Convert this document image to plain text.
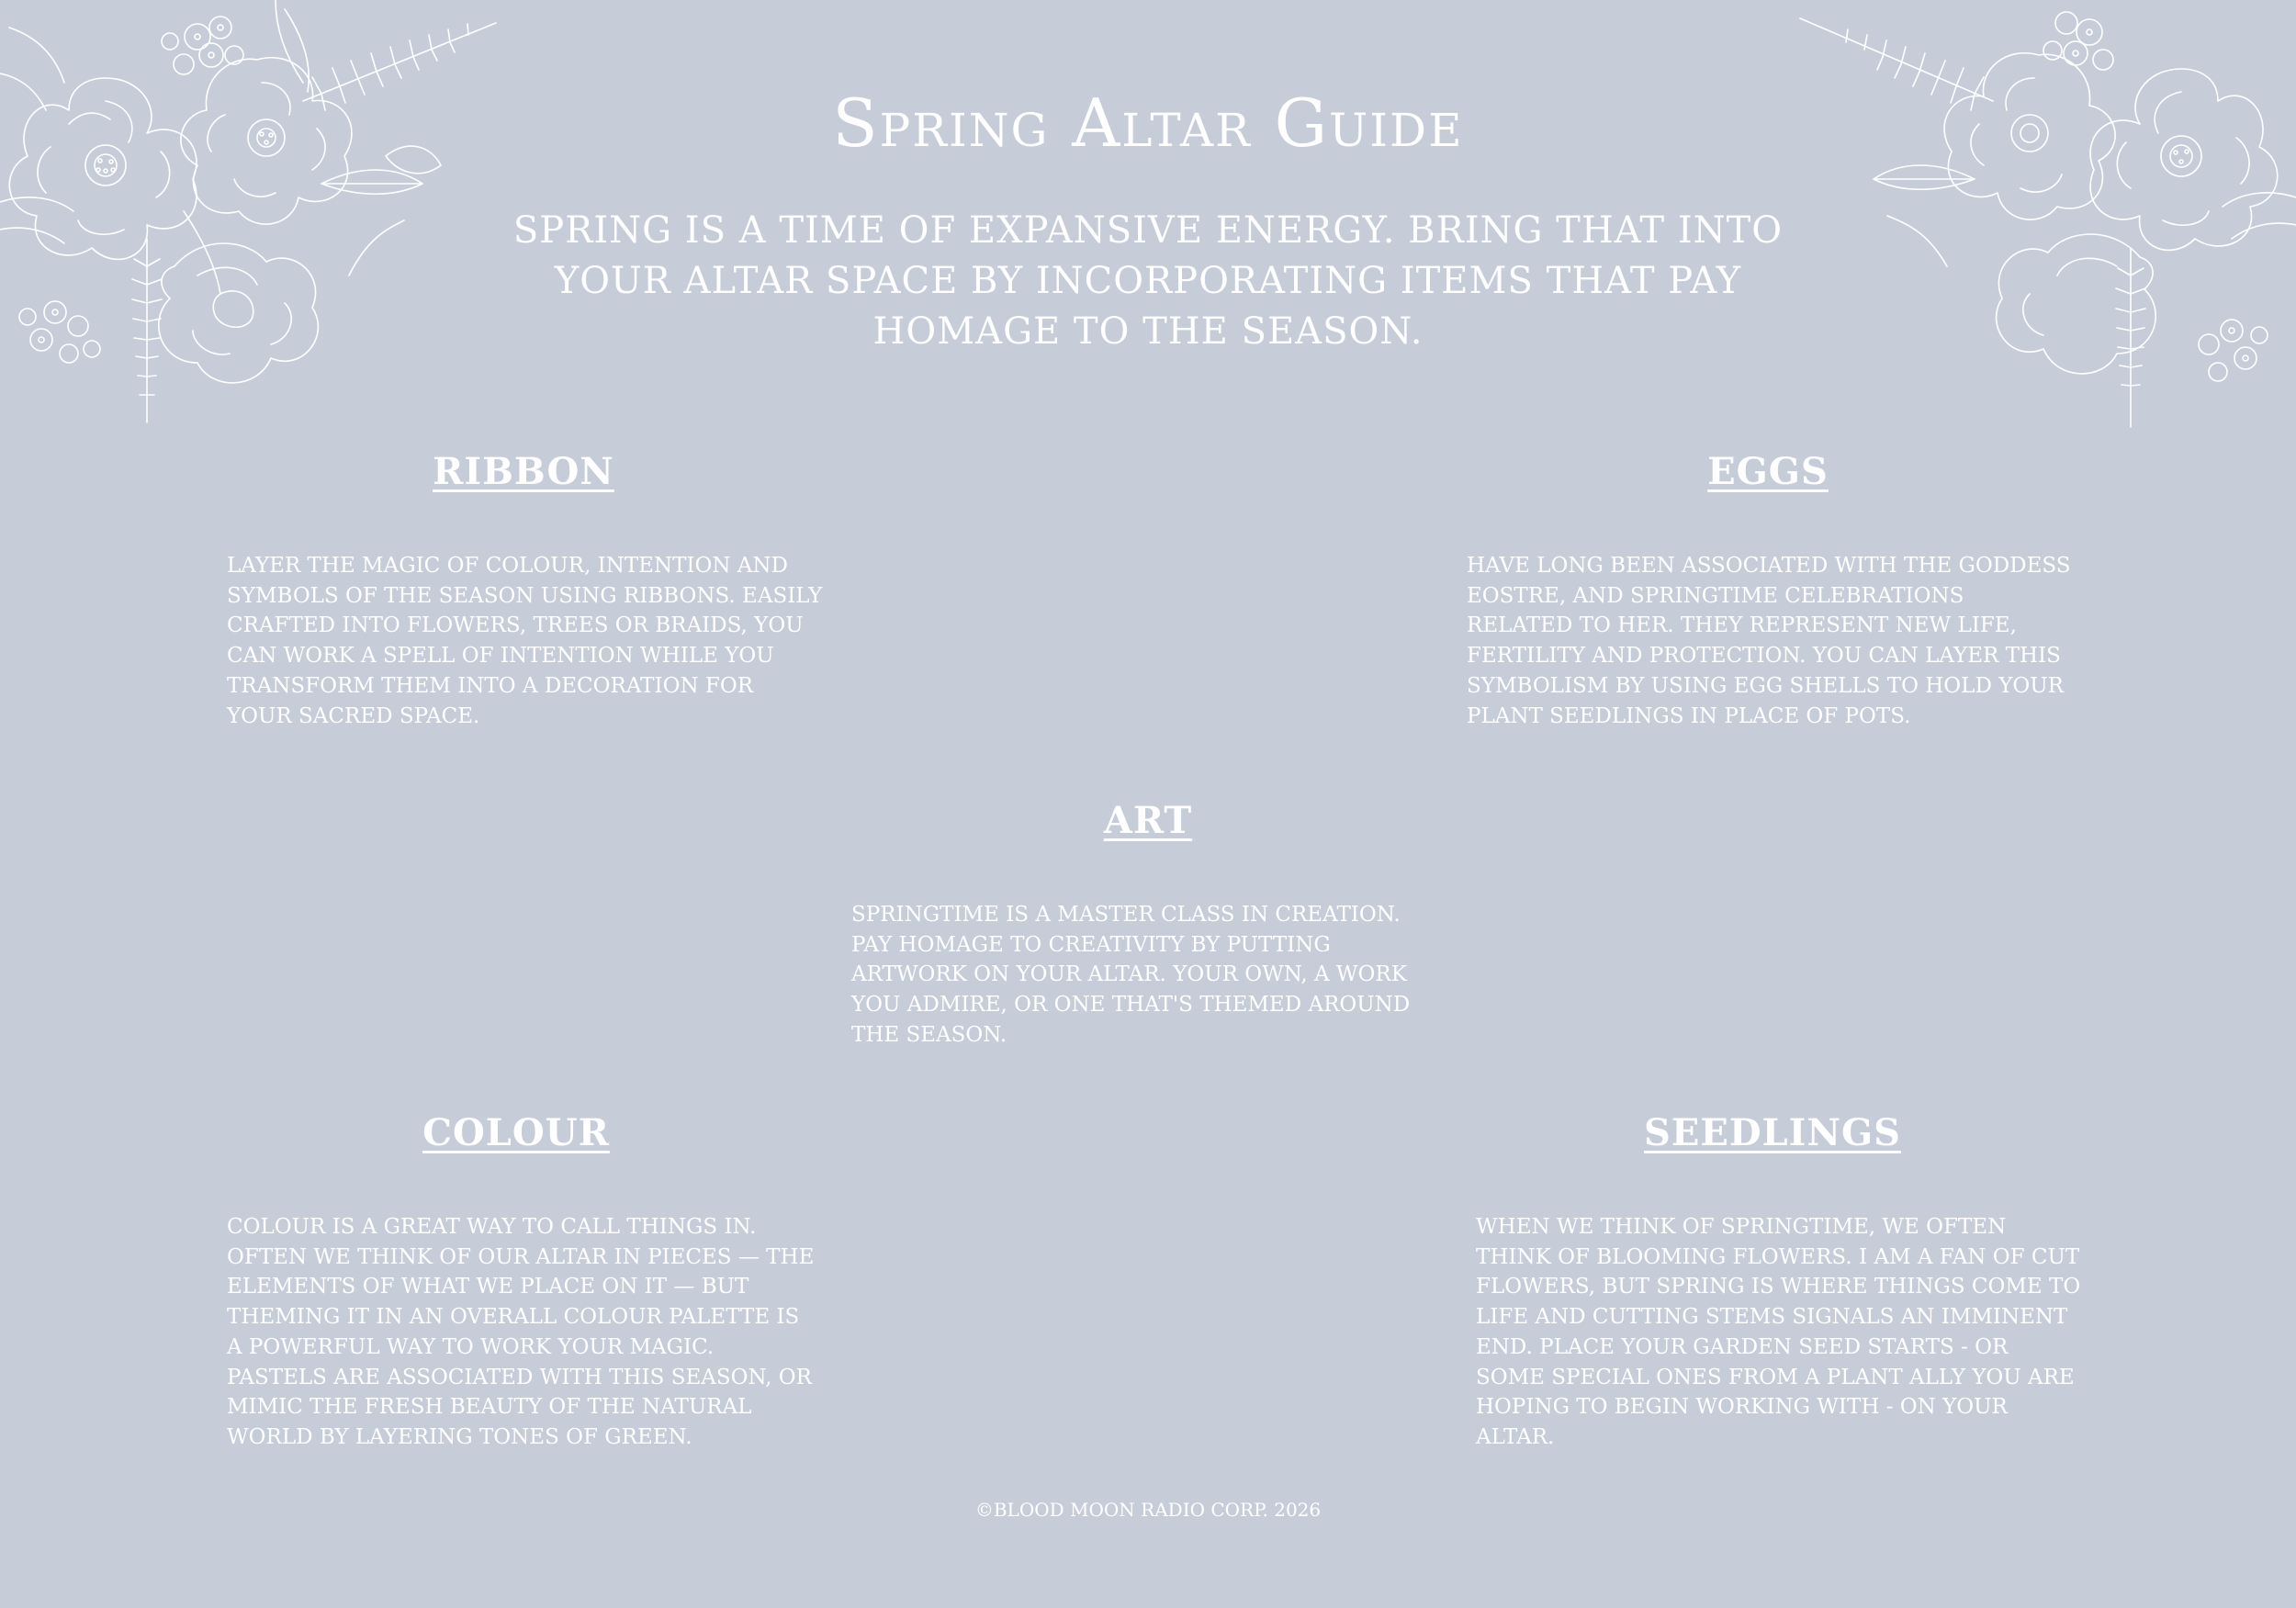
Spring Altar Guide

SPRING IS A TIME OF EXPANSIVE ENERGY. BRING THAT INTO YOUR ALTAR SPACE BY INCORPORATING ITEMS THAT PAY HOMAGE TO THE SEASON.

RIBBON

LAYER THE MAGIC OF COLOUR, INTENTION AND SYMBOLS OF THE SEASON USING RIBBONS. EASILY CRAFTED INTO FLOWERS, TREES OR BRAIDS, YOU CAN WORK A SPELL OF INTENTION WHILE YOU TRANSFORM THEM INTO A DECORATION FOR YOUR SACRED SPACE.

EGGS

HAVE LONG BEEN ASSOCIATED WITH THE GODDESS EOSTRE, AND SPRINGTIME CELEBRATIONS RELATED TO HER. THEY REPRESENT NEW LIFE, FERTILITY AND PROTECTION. YOU CAN LAYER THIS SYMBOLISM BY USING EGG SHELLS TO HOLD YOUR PLANT SEEDLINGS IN PLACE OF POTS.

ART

SPRINGTIME IS A MASTER CLASS IN CREATION. PAY HOMAGE TO CREATIVITY BY PUTTING ARTWORK ON YOUR ALTAR. YOUR OWN, A WORK YOU ADMIRE, OR ONE THAT'S THEMED AROUND THE SEASON.

COLOUR

COLOUR IS A GREAT WAY TO CALL THINGS IN. OFTEN WE THINK OF OUR ALTAR IN PIECES — THE ELEMENTS OF WHAT WE PLACE ON IT — BUT THEMING IT IN AN OVERALL COLOUR PALETTE IS A POWERFUL WAY TO WORK YOUR MAGIC. PASTELS ARE ASSOCIATED WITH THIS SEASON, OR MIMIC THE FRESH BEAUTY OF THE NATURAL WORLD BY LAYERING TONES OF GREEN.

SEEDLINGS

WHEN WE THINK OF SPRINGTIME, WE OFTEN THINK OF BLOOMING FLOWERS. I AM A FAN OF CUT FLOWERS, BUT SPRING IS WHERE THINGS COME TO LIFE AND CUTTING STEMS SIGNALS AN IMMINENT END. PLACE YOUR GARDEN SEED STARTS - OR SOME SPECIAL ONES FROM A PLANT ALLY YOU ARE HOPING TO BEGIN WORKING WITH - ON YOUR ALTAR.

©BLOOD MOON RADIO CORP. 2026
